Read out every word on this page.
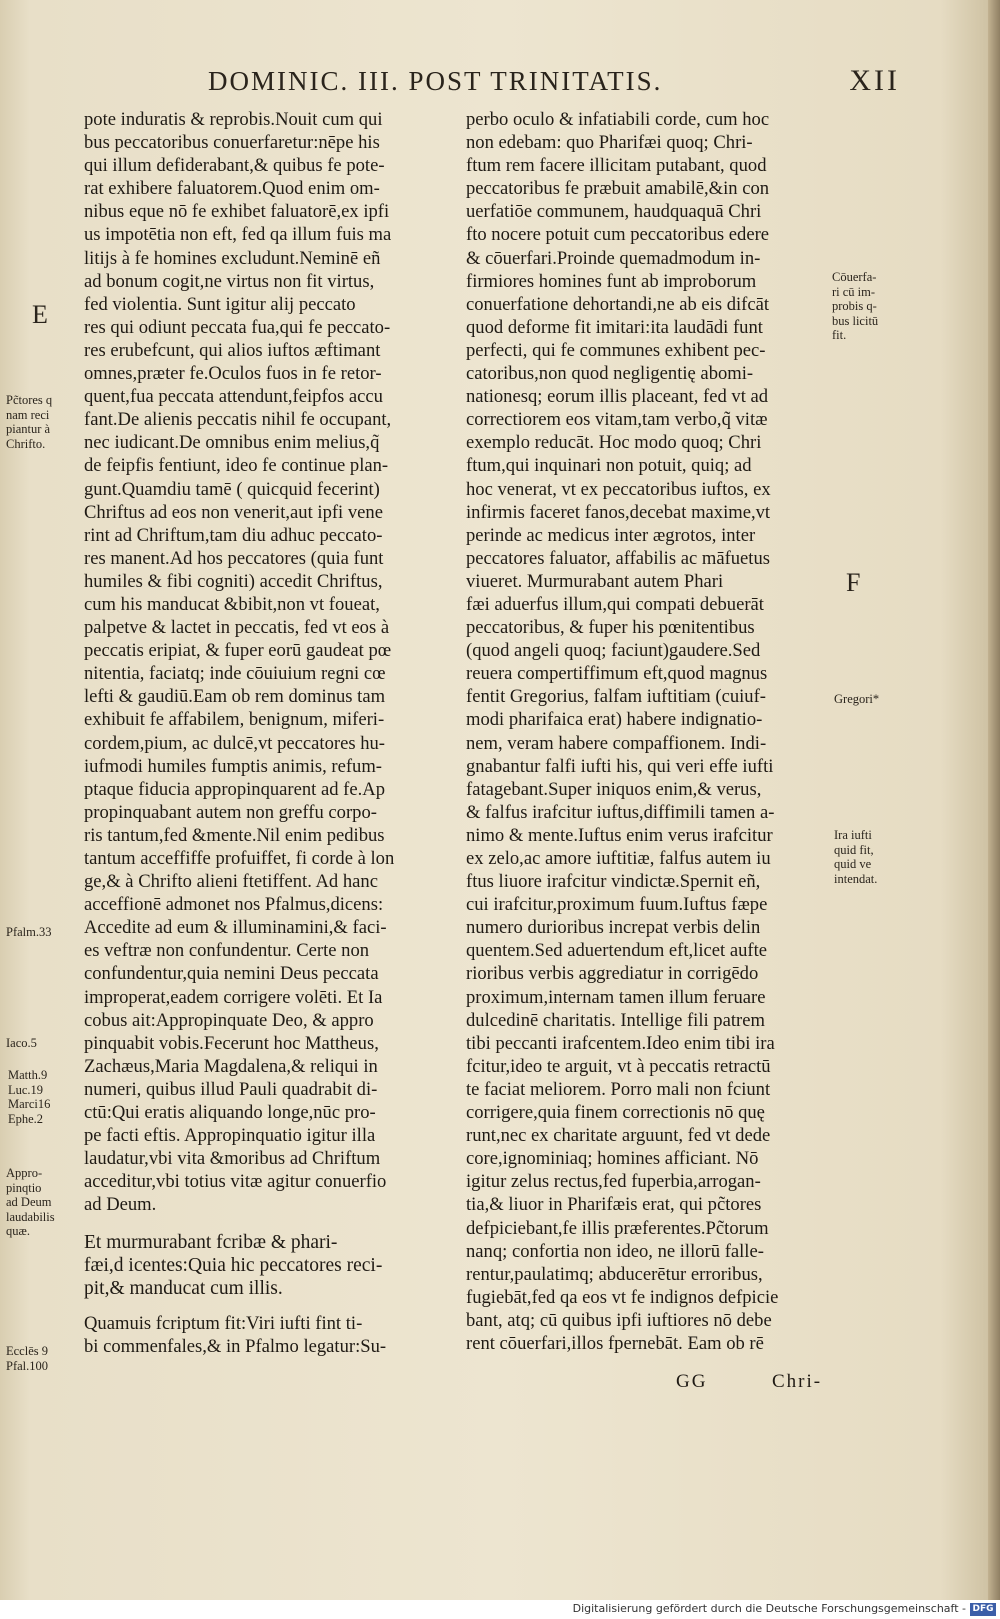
DOMINIC. III. POST TRINITATIS.	XII

pote induratis & reprobis.Nouit cum qui

bus peccatoribus conuerfaretur:nēpe his

qui illum defiderabant,& quibus fe pote-

rat exhibere faluatorem.Quod enim om-

nibus eque nō fe exhibet faluatorē,ex ipfi

us impotētia non eft, fed qa illum fuis ma

litijs à fe homines excludunt.Neminē eñ

ad bonum cogit,ne virtus non fit virtus,

fed violentia. Sunt igitur alij peccato

res qui odiunt peccata fua,qui fe peccato-

res erubefcunt, qui alios iuftos æftimant

omnes,præter fe.Oculos fuos in fe retor-

quent,fua peccata attendunt,feipfos accu

fant.De alienis peccatis nihil fe occupant,

nec iudicant.De omnibus enim melius,q̃

de feipfis fentiunt, ideo fe continue plan-

gunt.Quamdiu tamē ( quicquid fecerint)

Chriftus ad eos non venerit,aut ipfi vene

rint ad Chriftum,tam diu adhuc peccato-

res manent.Ad hos peccatores (quia funt

humiles & fibi cogniti) accedit Chriftus,

cum his manducat &bibit,non vt foueat,

palpetve & lactet in peccatis, fed vt eos à

peccatis eripiat, & fuper eorū gaudeat pœ

nitentia, faciatq; inde cōuiuium regni cœ

lefti & gaudiū.Eam ob rem dominus tam

exhibuit fe affabilem, benignum, miferi-

cordem,pium, ac dulcē,vt peccatores hu-

iufmodi humiles fumptis animis, refum-

ptaque fiducia appropinquarent ad fe.Ap

propinquabant autem non greffu corpo-

ris tantum,fed &mente.Nil enim pedibus

tantum acceffiffe profuiffet, fi corde à lon

ge,& à Chrifto alieni ftetiffent. Ad hanc

acceffionē admonet nos Pfalmus,dicens:

Accedite ad eum & illuminamini,& faci-

es veftræ non confundentur. Certe non

confundentur,quia nemini Deus peccata

improperat,eadem corrigere volēti. Et Ia

cobus ait:Appropinquate Deo, & appro

pinquabit vobis.Fecerunt hoc Mattheus,

Zachæus,Maria Magdalena,& reliqui in

numeri, quibus illud Pauli quadrabit di-

ctū:Qui eratis aliquando longe,nūc pro-

pe facti eftis. Appropinquatio igitur illa

laudatur,vbi vita &moribus ad Chriftum

acceditur,vbi totius vitæ agitur conuerfio

ad Deum.

Et murmurabant fcribæ & phari-

fæi,d icentes:Quia hic peccatores reci-

pit,& manducat cum illis.

Quamuis fcriptum fit:Viri iufti fint ti-

bi commenfales,& in Pfalmo legatur:Su-

perbo oculo & infatiabili corde, cum hoc

non edebam: quo Pharifæi quoq; Chri-

ftum rem facere illicitam putabant, quod

peccatoribus fe præbuit amabilē,&in con

uerfatiōe communem, haudquaquā Chri

fto nocere potuit cum peccatoribus edere

& cōuerfari.Proinde quemadmodum in-

firmiores homines funt ab improborum

conuerfatione dehortandi,ne ab eis difcāt

quod deforme fit imitari:ita laudādi funt

perfecti, qui fe communes exhibent pec-

catoribus,non quod negligentię abomi-

nationesq; eorum illis placeant, fed vt ad

correctiorem eos vitam,tam verbo,q̃ vitæ

exemplo reducāt. Hoc modo quoq; Chri

ftum,qui inquinari non potuit, quiq; ad

hoc venerat, vt ex peccatoribus iuftos, ex

infirmis faceret fanos,decebat maxime,vt

perinde ac medicus inter ægrotos, inter

peccatores faluator, affabilis ac māfuetus

viueret. Murmurabant autem Phari

fæi aduerfus illum,qui compati debuerāt

peccatoribus, & fuper his pœnitentibus

(quod angeli quoq; faciunt)gaudere.Sed

reuera compertiffimum eft,quod magnus

fentit Gregorius, falfam iuftitiam (cuiuf-

modi pharifaica erat) habere indignatio-

nem, veram habere compaffionem. Indi-

gnabantur falfi iufti his, qui veri effe iufti

fatagebant.Super iniquos enim,& verus,

& falfus irafcitur iuftus,diffimili tamen a-

nimo & mente.Iuftus enim verus irafcitur

ex zelo,ac amore iuftitiæ, falfus autem iu

ftus liuore irafcitur vindictæ.Spernit eñ,

cui irafcitur,proximum fuum.Iuftus fæpe

numero durioribus increpat verbis delin

quentem.Sed aduertendum eft,licet aufte

rioribus verbis aggrediatur in corrigēdo

proximum,internam tamen illum feruare

dulcedinē charitatis. Intellige fili patrem

tibi peccanti irafcentem.Ideo enim tibi ira

fcitur,ideo te arguit, vt à peccatis retractū

te faciat meliorem. Porro mali non fciunt

corrigere,quia finem correctionis nō quę

runt,nec ex charitate arguunt, fed vt dede

core,ignominiaq; homines afficiant. Nō

igitur zelus rectus,fed fuperbia,arrogan-

tia,& liuor in Pharifæis erat, qui pc̃tores

defpiciebant,fe illis præferentes.Pc̃torum

nanq; confortia non ideo, ne illorū falle-

rentur,paulatimq; abducerētur erroribus,

fugiebāt,fed qa eos vt fe indignos defpicie

bant, atq; cū quibus ipfi iuftiores nō debe

rent cōuerfari,illos fpernebāt. Eam ob rē

E
Pc̃tores q
nam reci
piantur à
Chrifto.
Pfalm.33
Iaco.5
Matth.9
Luc.19
Marci16
Ephe.2
Appro-
pinqtio
ad Deum
laudabilis
quæ.
Ecclēs 9
Pfal.100
Cōuerfa-
ri cū im-
probis q-
bus licitū
fit.
F
Gregori*
Ira iufti
quid fit,
quid ve
intendat.
GG	Chri-
Digitalisierung gefördert durch die Deutsche Forschungsgemeinschaft - DFG
